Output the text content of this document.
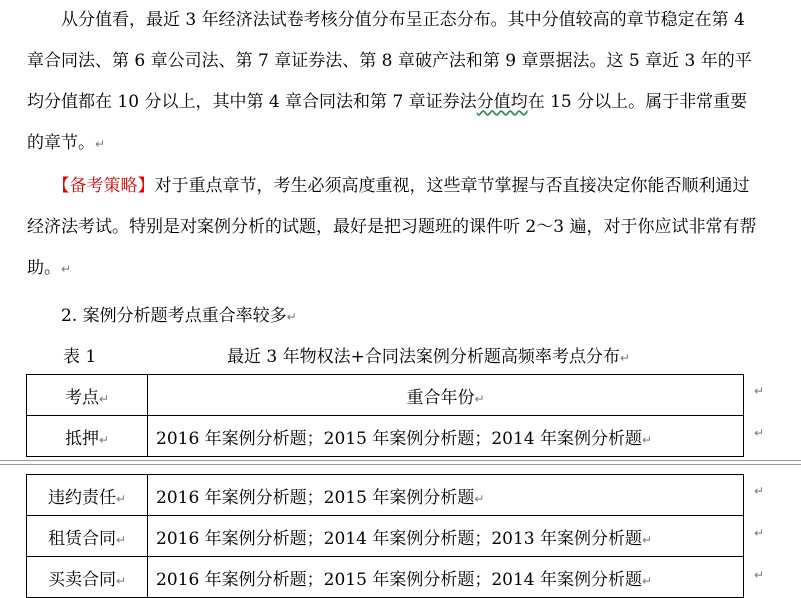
　　从分值看，最近 3 年经济法试卷考核分值分布呈正态分布。其中分值较高的章节稳定在第 4 章合同法、第 6 章公司法、第 7 章证券法、第 8 章破产法和第 9 章票据法。这 5 章近 3 年的平均分值都在 10 分以上，其中第 4 章合同法和第 7 章证券法分值均在 15 分以上。属于非常重要的章节。↵
　　【备考策略】对于重点章节，考生必须高度重视，这些章节掌握与否直接决定你能否顺利通过经济法考试。特别是对案例分析的试题，最好是把习题班的课件听 2～3 遍，对于你应试非常有帮助。↵
2. 案例分析题考点重合率较多↵
表 1	最近 3 年物权法+合同法案例分析题高频率考点分布↵
考点↵	重合年份↵
抵押↵	2016 年案例分析题；2015 年案例分析题；2014 年案例分析题↵
↵
↵
违约责任↵	2016 年案例分析题；2015 年案例分析题↵
租赁合同↵	2016 年案例分析题；2014 年案例分析题；2013 年案例分析题↵
买卖合同↵	2016 年案例分析题；2015 年案例分析题；2014 年案例分析题↵
↵
↵
↵
